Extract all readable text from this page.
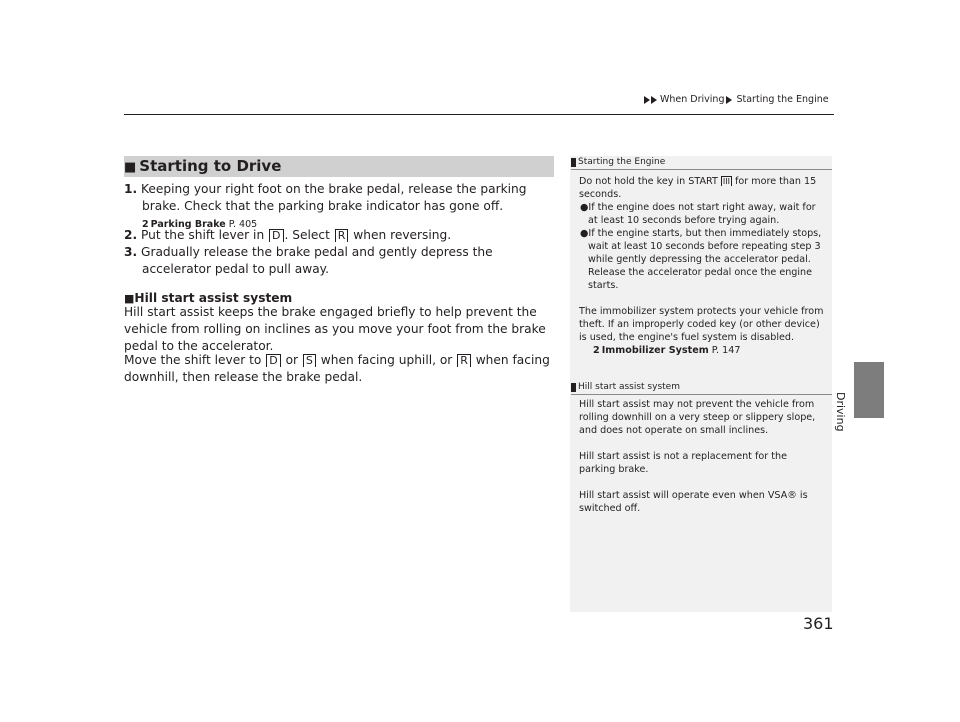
When Driving Starting the Engine
Driving
■ Starting to Drive
1. Keeping your right foot on the brake pedal, release the parking brake. Check that the parking brake indicator has gone off.
2 Parking Brake P. 405
2. Put the shift lever in D . Select R when reversing.
3. Gradually release the brake pedal and gently depress the accelerator pedal to pull away.
■Hill start assist system
Hill start assist keeps the brake engaged briefly to help prevent the vehicle from rolling on inclines as you move your foot from the brake pedal to the accelerator.
Move the shift lever to D or S when facing uphill, or R when facing downhill, then release the brake pedal.
Starting the Engine

Do not hold the key in START III for more than 15 seconds.

●If the engine does not start right away, wait for at least 10 seconds before trying again.

●If the engine starts, but then immediately stops, wait at least 10 seconds before repeating step 3 while gently depressing the accelerator pedal. Release the accelerator pedal once the engine starts.

The immobilizer system protects your vehicle from theft. If an improperly coded key (or other device) is used, the engine's fuel system is disabled.

2 Immobilizer System P. 147

Hill start assist system

Hill start assist may not prevent the vehicle from rolling downhill on a very steep or slippery slope, and does not operate on small inclines.

Hill start assist is not a replacement for the parking brake.

Hill start assist will operate even when VSA® is switched off.

361
